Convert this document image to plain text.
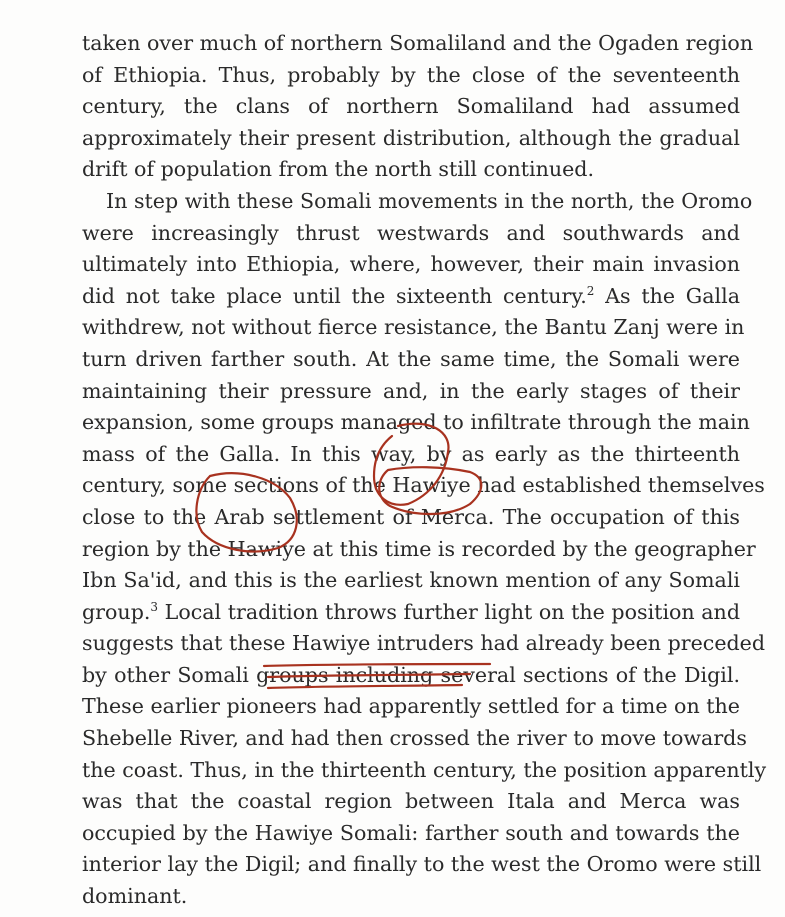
taken over much of northern Somaliland and the Ogaden region
of Ethiopia. Thus, probably by the close of the seventeenth
century, the clans of northern Somaliland had assumed
approximately their present distribution, although the gradual
drift of population from the north still continued.
In step with these Somali movements in the north, the Oromo
were increasingly thrust westwards and southwards and
ultimately into Ethiopia, where, however, their main invasion
did not take place until the sixteenth century.$^2$ As the Galla
withdrew, not without fierce resistance, the Bantu Zanj were in
turn driven farther south. At the same time, the Somali were
maintaining their pressure and, in the early stages of their
expansion, some groups managed to infiltrate through the main
mass of the Galla. In this way, by as early as the thirteenth
century, some sections of the Hawiye had established themselves
close to the Arab settlement of Merca. The occupation of this
region by the Hawiye at this time is recorded by the geographer
Ibn Sa'id, and this is the earliest known mention of any Somali
group.$^3$ Local tradition throws further light on the position and
suggests that these Hawiye intruders had already been preceded
by other Somali groups including several sections of the Digil.
These earlier pioneers had apparently settled for a time on the
Shebelle River, and had then crossed the river to move towards
the coast. Thus, in the thirteenth century, the position apparently
was that the coastal region between Itala and Merca was
occupied by the Hawiye Somali: farther south and towards the
interior lay the Digil; and finally to the west the Oromo were still
dominant.
